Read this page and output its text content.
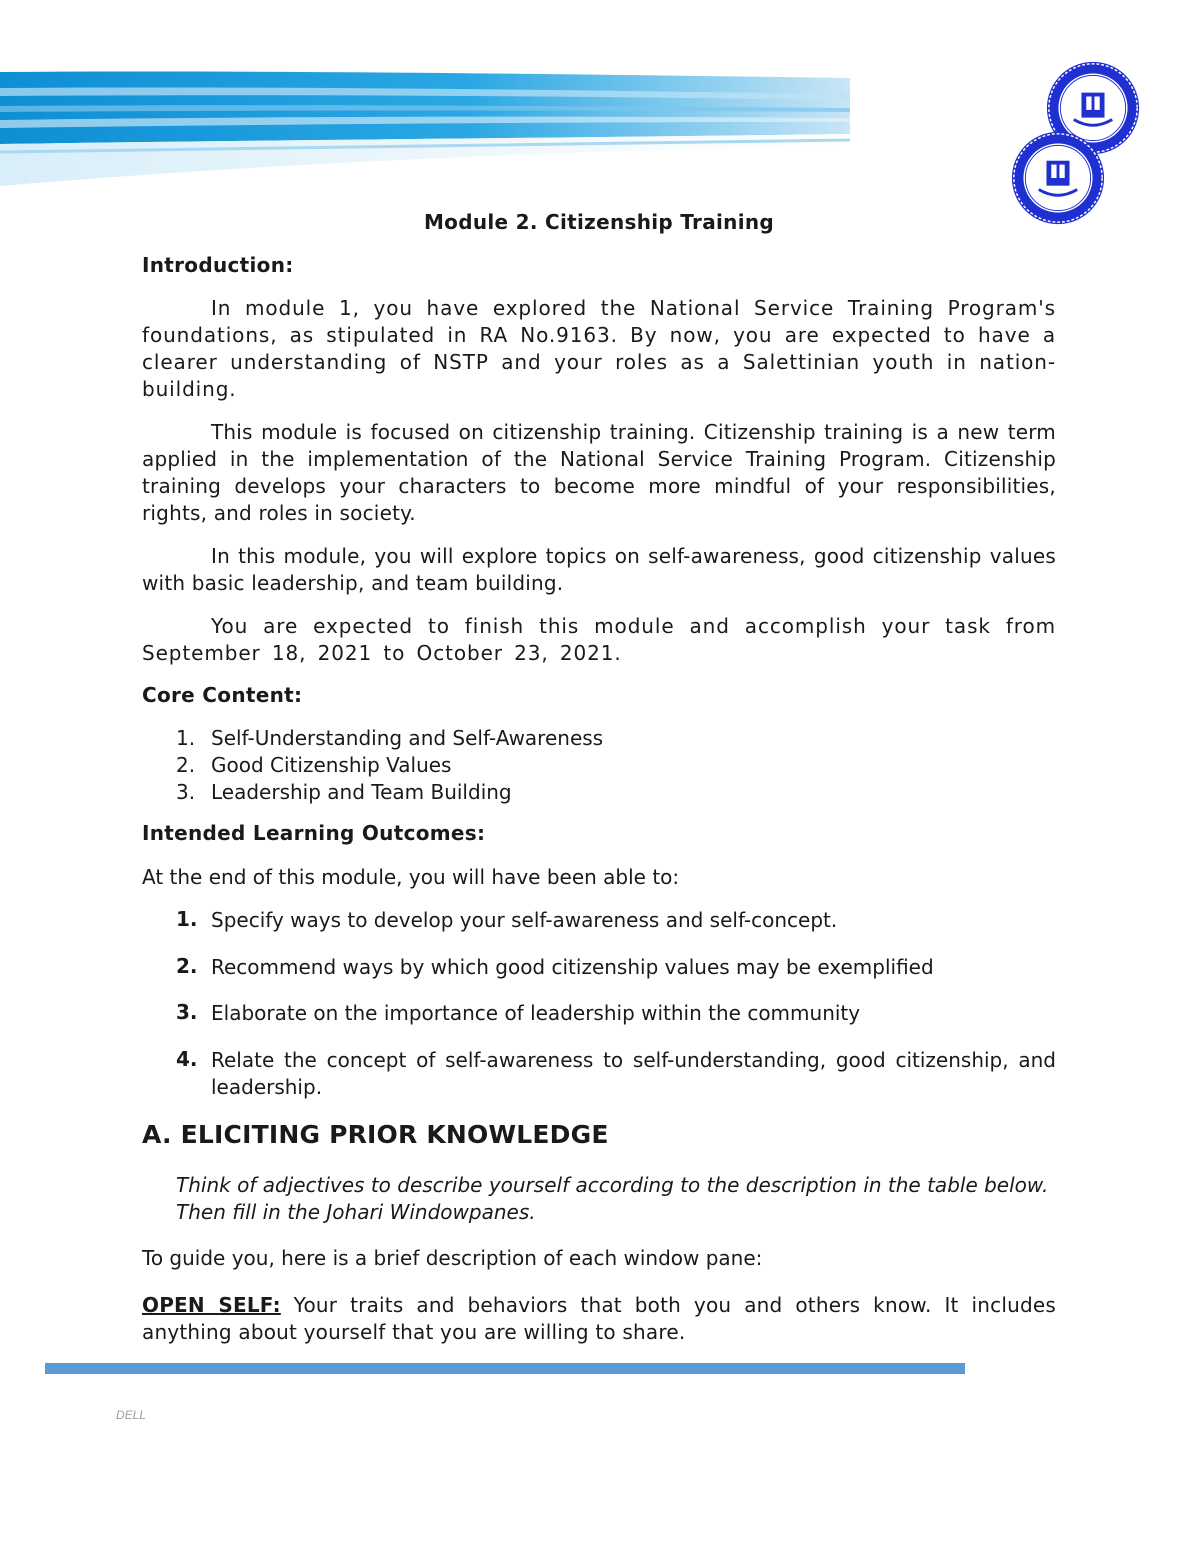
Module 2. Citizenship Training
Introduction:
In module 1, you have explored the National Service Training Program's foundations, as stipulated in RA No.9163. By now, you are expected to have a clearer understanding of NSTP and your roles as a Salettinian youth in nation-building.
This module is focused on citizenship training. Citizenship training is a new term applied in the implementation of the National Service Training Program. Citizenship training develops your characters to become more mindful of your responsibilities, rights, and roles in society.
In this module, you will explore topics on self-awareness, good citizenship values with basic leadership, and team building.
You are expected to finish this module and accomplish your task from September 18, 2021 to October 23, 2021.
Core Content:
1. Self-Understanding and Self-Awareness
2. Good Citizenship Values
3. Leadership and Team Building
Intended Learning Outcomes:
At the end of this module, you will have been able to:
1. Specify ways to develop your self-awareness and self-concept.
2. Recommend ways by which good citizenship values may be exemplified
3. Elaborate on the importance of leadership within the community
4. Relate the concept of self-awareness to self-understanding, good citizenship, and leadership.
A. ELICITING PRIOR KNOWLEDGE
Think of adjectives to describe yourself according to the description in the table below. Then fill in the Johari Windowpanes.
To guide you, here is a brief description of each window pane:
OPEN SELF: Your traits and behaviors that both you and others know. It includes anything about yourself that you are willing to share.
DELL
